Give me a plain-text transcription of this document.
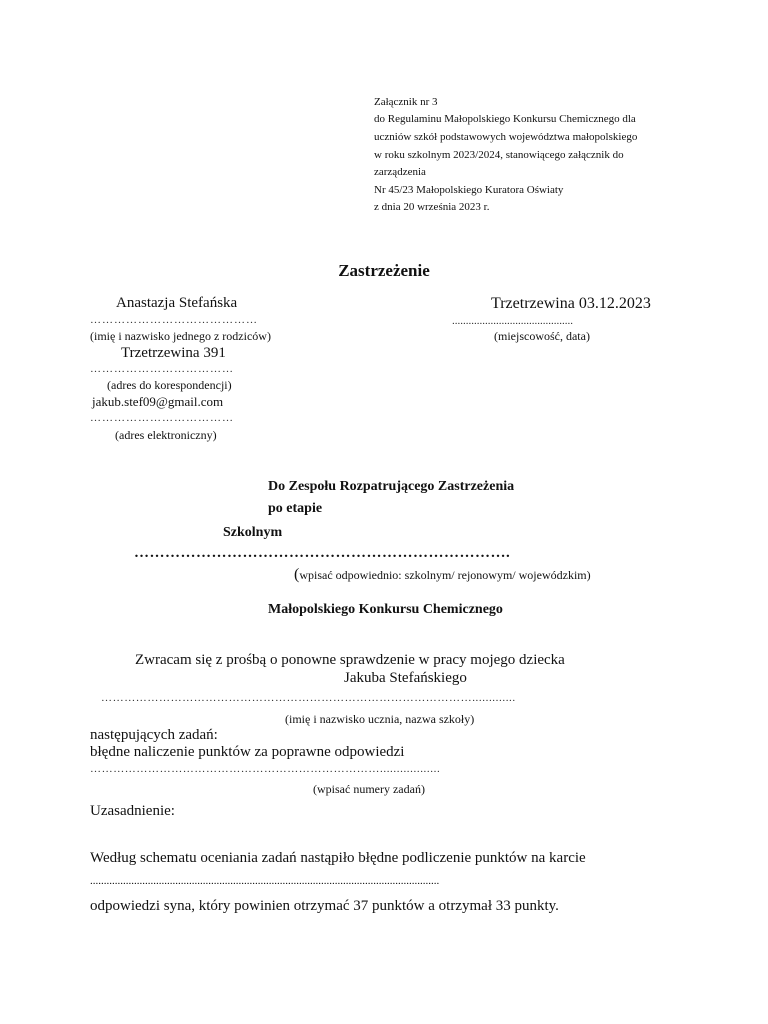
Załącznik nr 3
do Regulaminu Małopolskiego Konkursu Chemicznego dla
uczniów szkół podstawowych województwa małopolskiego
w roku szkolnym 2023/2024, stanowiącego załącznik do
zarządzenia
Nr 45/23 Małopolskiego Kuratora Oświaty
z dnia 20 września 2023 r.
Zastrzeżenie
Anastazja Stefańska
……………………………………
(imię i nazwisko jednego z rodziców)
Trzetrzewina 03.12.2023
............................................
(miejscowość, data)
Trzetrzewina 391
………………………………
(adres do korespondencji)
jakub.stef09@gmail.com
………………………………
(adres elektroniczny)
Do Zespołu Rozpatrującego Zastrzeżenia
po etapie
Szkolnym
……………………………………………………………….
(wpisać odpowiednio: szkolnym/ rejonowym/ wojewódzkim)
Małopolskiego Konkursu Chemicznego
Zwracam się z prośbą o ponowne sprawdzenie w pracy mojego dziecka
Jakuba Stefańskiego
…………………………………………………………………………………….............
(imię i nazwisko ucznia, nazwa szkoły)
następujących zadań:
błędne naliczenie punktów za poprawne odpowiedzi
…………………………………………………………………..................
(wpisać numery zadań)
Uzasadnienie:
Według schematu oceniania zadań nastąpiło błędne podliczenie punktów na karcie
...............................................................................................................................
odpowiedzi syna, który powinien otrzymać 37 punktów a otrzymał 33 punkty.
